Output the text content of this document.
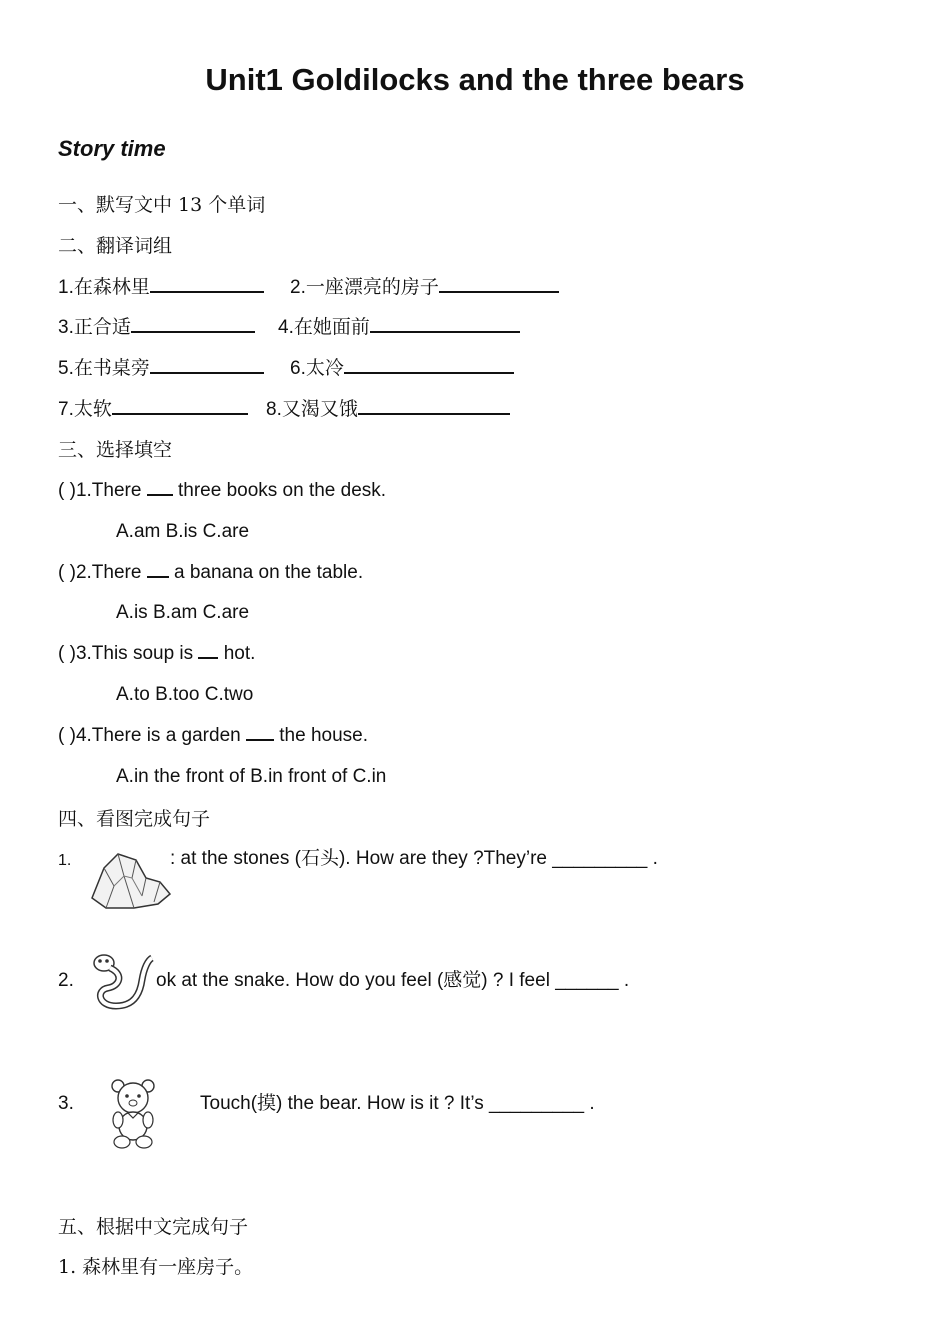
Unit1 Goldilocks and the three bears
Story time
一、默写文中 13 个单词
二、翻译词组
1.在森林里	2.一座漂亮的房子
3.正合适	4.在她面前
5.在书桌旁	6.太冷
7.太软	8.又渴又饿
三、选择填空
( )1.There three books on the desk.
A.am B.is C.are
( )2.There a banana on the table.
A.is B.am C.are
( )3.This soup is hot.
A.to B.too C.two
( )4.There is a garden the house.
A.in the front of B.in front of C.in
四、看图完成句子
1.	: at the stones (石头). How are they ?They’re _________ .
2.	ok at the snake. How do you feel (感觉) ? I feel ______ .
3.	Touch(摸) the bear. How is it ? It’s _________ .
五、根据中文完成句子
1. 森林里有一座房子。
